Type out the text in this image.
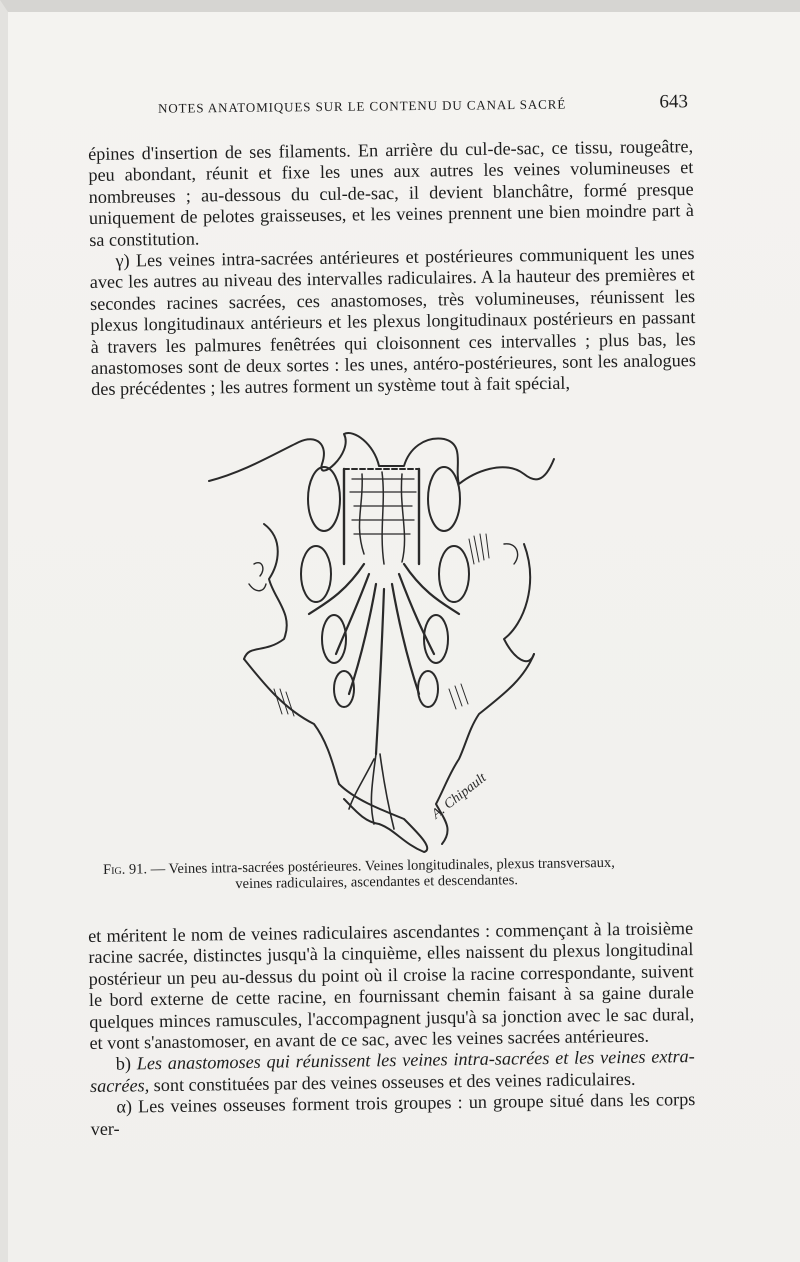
NOTES ANATOMIQUES SUR LE CONTENU DU CANAL SACRÉ	643

épines d'insertion de ses filaments. En arrière du cul-de-sac, ce tissu, rougeâtre, peu abondant, réunit et fixe les unes aux autres les veines volumineuses et nombreuses ; au-dessous du cul-de-sac, il devient blanchâtre, formé presque uniquement de pelotes graisseuses, et les veines prennent une bien moindre part à sa constitution.

γ) Les veines intra-sacrées antérieures et postérieures communiquent les unes avec les autres au niveau des intervalles radiculaires. A la hauteur des premières et secondes racines sacrées, ces anastomoses, très volumineuses, réunissent les plexus longitudinaux antérieurs et les plexus longitudinaux postérieurs en passant à travers les palmures fenêtrées qui cloisonnent ces intervalles ; plus bas, les anastomoses sont de deux sortes : les unes, antéro-postérieures, sont les analogues des précédentes ; les autres forment un système tout à fait spécial,

A. Chipault
Fig. 91. — Veines intra-sacrées postérieures. Veines longitudinales, plexus transversaux,
veines radiculaires, ascendantes et descendantes.

et méritent le nom de veines radiculaires ascendantes : commençant à la troisième racine sacrée, distinctes jusqu'à la cinquième, elles naissent du plexus longitudinal postérieur un peu au-dessus du point où il croise la racine correspondante, suivent le bord externe de cette racine, en fournissant chemin faisant à sa gaine durale quelques minces ramuscules, l'accompagnent jusqu'à sa jonction avec le sac dural, et vont s'anastomoser, en avant de ce sac, avec les veines sacrées antérieures.

b) Les anastomoses qui réunissent les veines intra-sacrées et les veines extra-sacrées, sont constituées par des veines osseuses et des veines radiculaires.

α) Les veines osseuses forment trois groupes : un groupe situé dans les corps ver-
